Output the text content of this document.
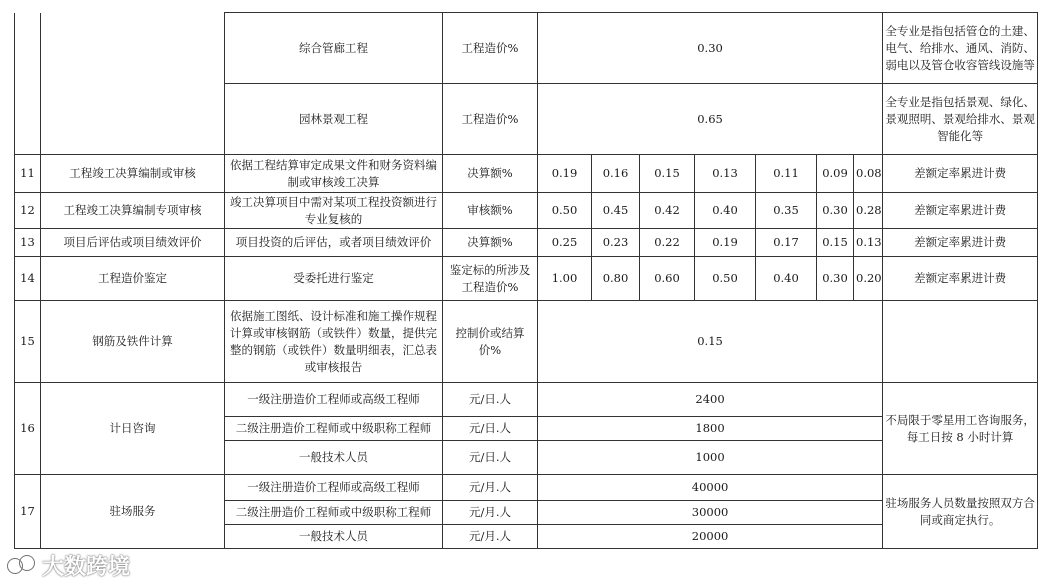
		综合管廊工程	工程造价%	0.30							全专业是指包括管仓的土建、电气、给排水、通风、消防、弱电以及管仓收容管线设施等
		园林景观工程	工程造价%	0.65							全专业是指包括景观、绿化、景观照明、景观给排水、景观智能化等
11	工程竣工决算编制或审核	依据工程结算审定成果文件和财务资料编制或审核竣工决算	决算额%	0.19	0.16	0.15	0.13	0.11	0.09	0.08	差额定率累进计费
12	工程竣工决算编制专项审核	竣工决算项目中需对某项工程投资额进行专业复核的	审核额%	0.50	0.45	0.42	0.40	0.35	0.30	0.28	差额定率累进计费
13	项目后评估或项目绩效评价	项目投资的后评估，或者项目绩效评价	决算额%	0.25	0.23	0.22	0.19	0.17	0.15	0.13	差额定率累进计费
14	工程造价鉴定	受委托进行鉴定	鉴定标的所涉及工程造价%	1.00	0.80	0.60	0.50	0.40	0.30	0.20	差额定率累进计费
15	钢筋及铁件计算	依据施工图纸、设计标准和施工操作规程计算或审核钢筋（或铁件）数量，提供完整的钢筋（或铁件）数量明细表，汇总表或审核报告	控制价或结算价%	0.15							
16	计日咨询	一级注册造价工程师或高级工程师	元/日.人	2400							不局限于零星用工咨询服务，每工日按 8 小时计算
		二级注册造价工程师或中级职称工程师	元/日.人	1800							
		一般技术人员	元/日.人	1000							
17	驻场服务	一级注册造价工程师或高级工程师	元/月.人	40000							驻场服务人员数量按照双方合同或商定执行。
		二级注册造价工程师或中级职称工程师	元/月.人	30000							
		一般技术人员	元/月.人	20000							
大数跨境
